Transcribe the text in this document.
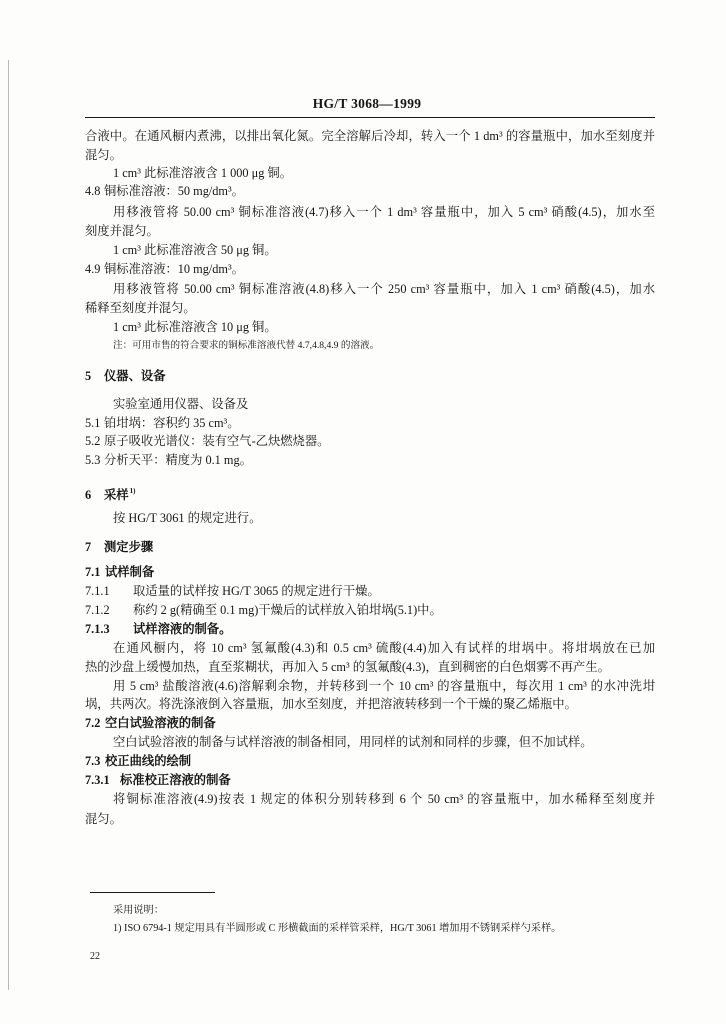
HG/T 3068—1999
合液中。在通风橱内煮沸，以排出氧化氮。完全溶解后冷却，转入一个 1 dm³ 的容量瓶中，加水至刻度并
混匀。
1 cm³ 此标准溶液含 1 000 μg 铜。
4.8 铜标准溶液：50 mg/dm³。
用移液管将 50.00 cm³ 铜标准溶液(4.7)移入一个 1 dm³ 容量瓶中，加入 5 cm³ 硝酸(4.5)，加水至
刻度并混匀。
1 cm³ 此标准溶液含 50 μg 铜。
4.9 铜标准溶液：10 mg/dm³。
用移液管将 50.00 cm³ 铜标准溶液(4.8)移入一个 250 cm³ 容量瓶中，加入 1 cm³ 硝酸(4.5)，加水
稀释至刻度并混匀。
1 cm³ 此标准溶液含 10 μg 铜。
注：可用市售的符合要求的铜标准溶液代替 4.7,4.8,4.9 的溶液。
5 仪器、设备
实验室通用仪器、设备及
5.1 铂坩埚：容积约 35 cm³。
5.2 原子吸收光谱仪：装有空气-乙炔燃烧器。
5.3 分析天平：精度为 0.1 mg。
6 采样$^{1)}$
按 HG/T 3061 的规定进行。
7 测定步骤
7.1 试样制备
7.1.1 取适量的试样按 HG/T 3065 的规定进行干燥。
7.1.2 称约 2 g(精确至 0.1 mg)干燥后的试样放入铂坩埚(5.1)中。
7.1.3 试样溶液的制备。
在通风橱内，将 10 cm³ 氢氟酸(4.3)和 0.5 cm³ 硫酸(4.4)加入有试样的坩埚中。将坩埚放在已加
热的沙盘上缓慢加热，直至浆糊状，再加入 5 cm³ 的氢氟酸(4.3)，直到稠密的白色烟雾不再产生。
用 5 cm³ 盐酸溶液(4.6)溶解剩余物，并转移到一个 10 cm³ 的容量瓶中，每次用 1 cm³ 的水冲洗坩
埚，共两次。将洗涤液倒入容量瓶，加水至刻度，并把溶液转移到一个干燥的聚乙烯瓶中。
7.2 空白试验溶液的制备
空白试验溶液的制备与试样溶液的制备相同，用同样的试剂和同样的步骤，但不加试样。
7.3 校正曲线的绘制
7.3.1 标准校正溶液的制备
将铜标准溶液(4.9)按表 1 规定的体积分别转移到 6 个 50 cm³ 的容量瓶中，加水稀释至刻度并
混匀。
采用说明：
1) ISO 6794-1 规定用具有半圆形或 C 形横截面的采样管采样，HG/T 3061 增加用不锈钢采样勺采样。
22
